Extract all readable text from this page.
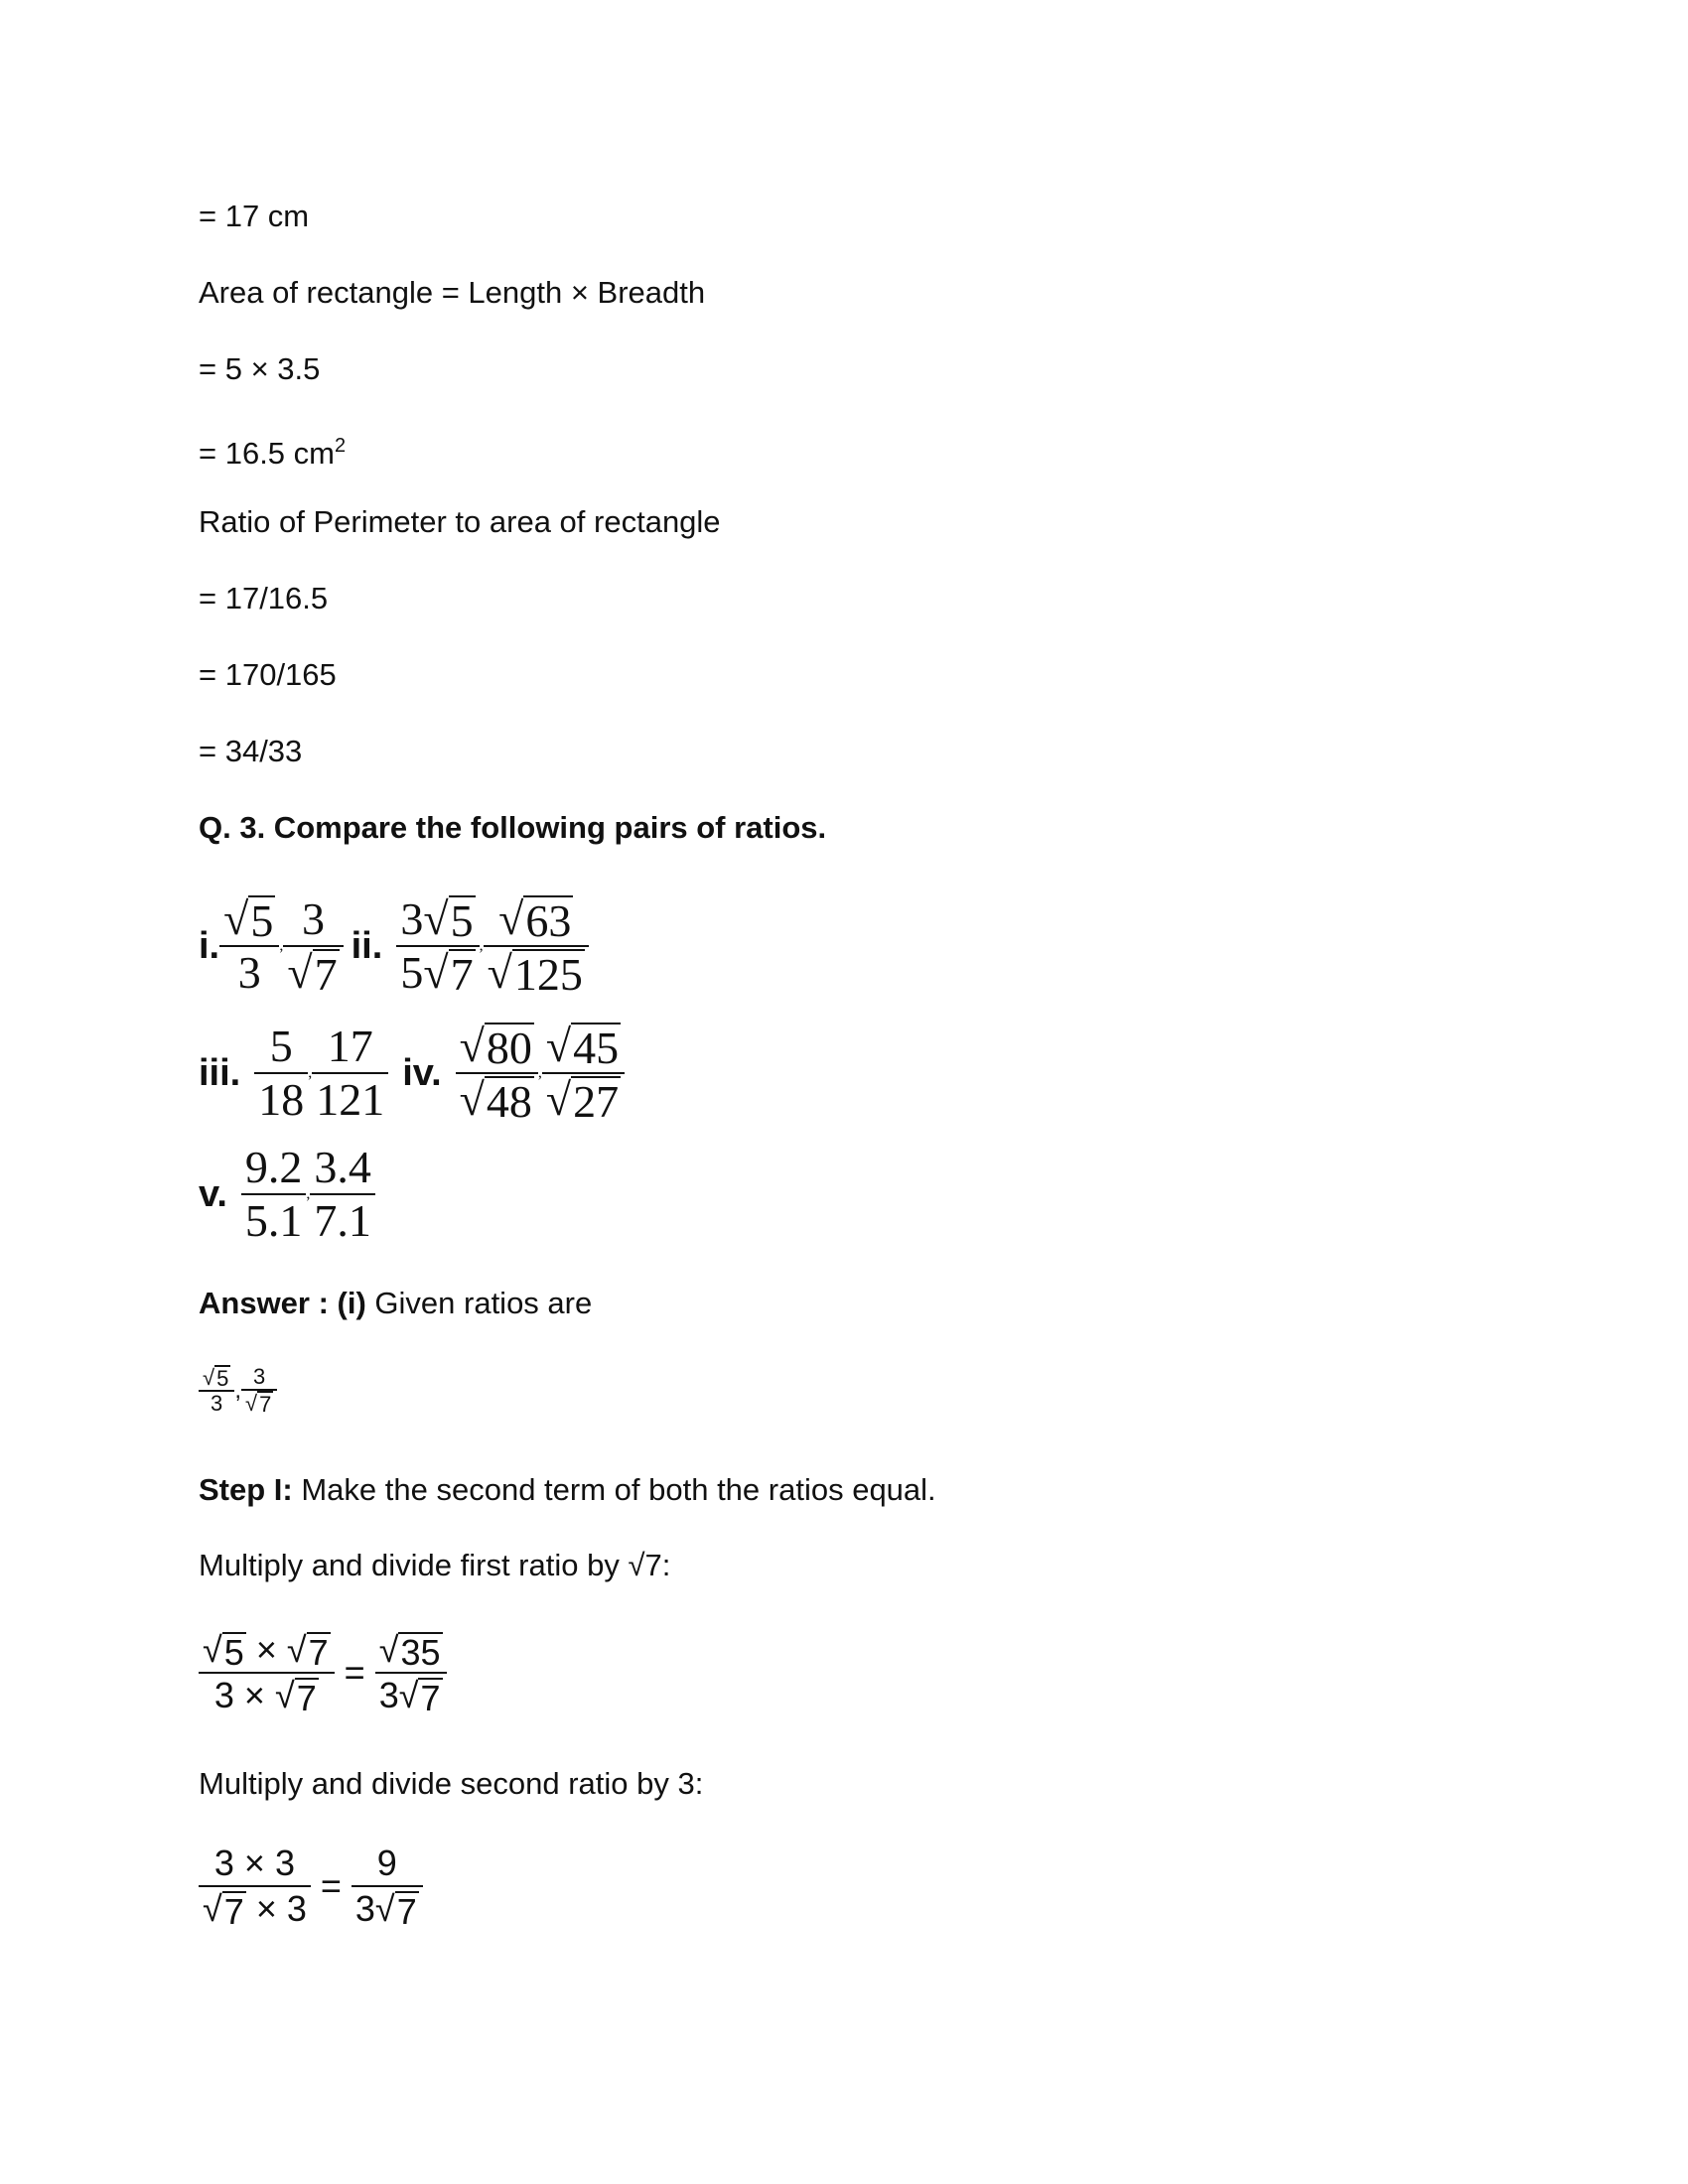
= 17 cm
Area of rectangle = Length × Breadth
= 5 × 3.5
= 16.5 $cm^2$
Ratio of Perimeter to area of rectangle
= 17/16.5
= 170/165
= 34/33
Q. 3. Compare the following pairs of ratios.
i. $\frac{√ 5}{3}$ , $\frac{3}{√ 7}$ ii. $\frac{3 √ 5}{5 √ 7}$ , $\frac{√ 63}{√ 125}$
iii. $\frac{5}{18}$ , $\frac{17}{121}$ iv. $\frac{√ 80}{√ 48}$ , $\frac{√ 45}{√ 27}$
v. $\frac{9.2}{5.1}$ , $\frac{3.4}{7.1}$
Answer : (i) Given ratios are
$\frac{√ 5}{3}$ , $\frac{3}{√ 7}$
Step I: Make the second term of both the ratios equal.
Multiply and divide first ratio by √7:
$\frac{√ 5 \times √ 7}{3 \times √ 7} = \frac{√ 35}{3 √ 7}$
Multiply and divide second ratio by 3:
$\frac{3 \times 3}{√ 7 \times 3} = \frac{9}{3 √ 7}$
